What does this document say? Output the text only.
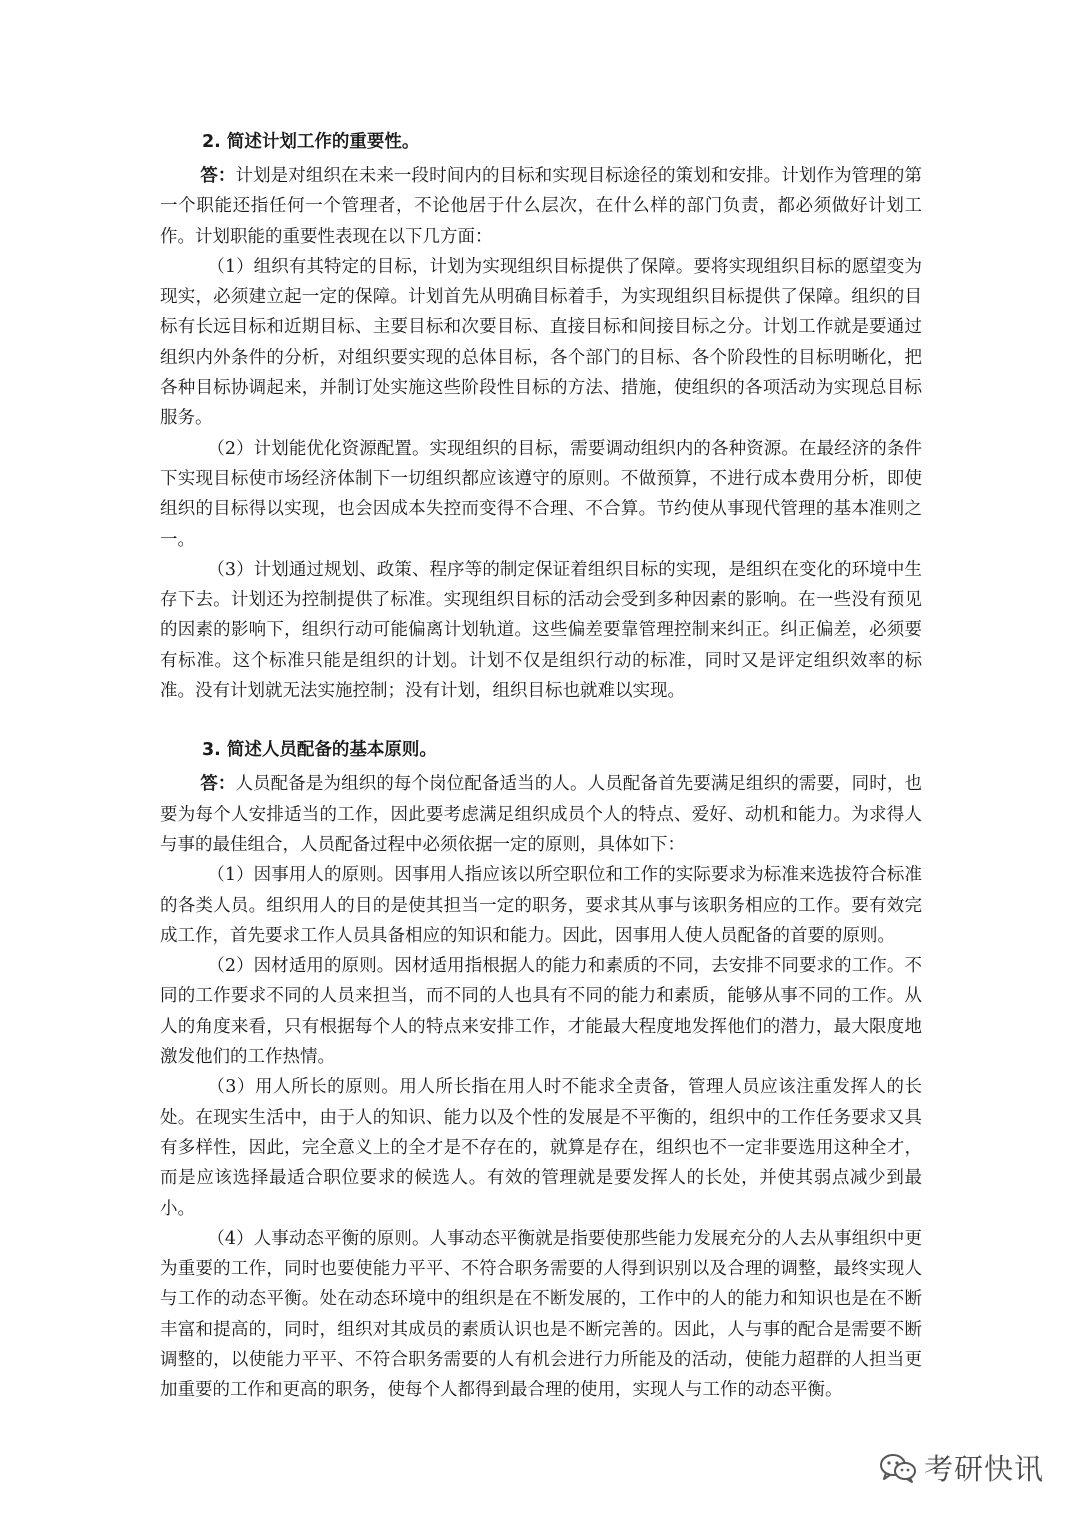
2. 简述计划工作的重要性。

答：计划是对组织在未来一段时间内的目标和实现目标途径的策划和安排。计划作为管理的第一个职能还指任何一个管理者，不论他居于什么层次，在什么样的部门负责，都必须做好计划工作。计划职能的重要性表现在以下几方面：

（1）组织有其特定的目标，计划为实现组织目标提供了保障。要将实现组织目标的愿望变为现实，必须建立起一定的保障。计划首先从明确目标着手，为实现组织目标提供了保障。组织的目标有长远目标和近期目标、主要目标和次要目标、直接目标和间接目标之分。计划工作就是要通过组织内外条件的分析，对组织要实现的总体目标，各个部门的目标、各个阶段性的目标明晰化，把各种目标协调起来，并制订处实施这些阶段性目标的方法、措施，使组织的各项活动为实现总目标服务。

（2）计划能优化资源配置。实现组织的目标，需要调动组织内的各种资源。在最经济的条件下实现目标使市场经济体制下一切组织都应该遵守的原则。不做预算，不进行成本费用分析，即使组织的目标得以实现，也会因成本失控而变得不合理、不合算。节约使从事现代管理的基本准则之一。

（3）计划通过规划、政策、程序等的制定保证着组织目标的实现，是组织在变化的环境中生存下去。计划还为控制提供了标准。实现组织目标的活动会受到多种因素的影响。在一些没有预见的因素的影响下，组织行动可能偏离计划轨道。这些偏差要靠管理控制来纠正。纠正偏差，必须要有标准。这个标准只能是组织的计划。计划不仅是组织行动的标准，同时又是评定组织效率的标准。没有计划就无法实施控制；没有计划，组织目标也就难以实现。

3. 简述人员配备的基本原则。

答：人员配备是为组织的每个岗位配备适当的人。人员配备首先要满足组织的需要，同时，也要为每个人安排适当的工作，因此要考虑满足组织成员个人的特点、爱好、动机和能力。为求得人与事的最佳组合，人员配备过程中必须依据一定的原则，具体如下：

（1）因事用人的原则。因事用人指应该以所空职位和工作的实际要求为标准来选拔符合标准的各类人员。组织用人的目的是使其担当一定的职务，要求其从事与该职务相应的工作。要有效完成工作，首先要求工作人员具备相应的知识和能力。因此，因事用人使人员配备的首要的原则。

（2）因材适用的原则。因材适用指根据人的能力和素质的不同，去安排不同要求的工作。不同的工作要求不同的人员来担当，而不同的人也具有不同的能力和素质，能够从事不同的工作。从人的角度来看，只有根据每个人的特点来安排工作，才能最大程度地发挥他们的潜力，最大限度地激发他们的工作热情。

（3）用人所长的原则。用人所长指在用人时不能求全责备，管理人员应该注重发挥人的长处。在现实生活中，由于人的知识、能力以及个性的发展是不平衡的，组织中的工作任务要求又具有多样性，因此，完全意义上的全才是不存在的，就算是存在，组织也不一定非要选用这种全才，而是应该选择最适合职位要求的候选人。有效的管理就是要发挥人的长处，并使其弱点减少到最小。

（4）人事动态平衡的原则。人事动态平衡就是指要使那些能力发展充分的人去从事组织中更为重要的工作，同时也要使能力平平、不符合职务需要的人得到识别以及合理的调整，最终实现人与工作的动态平衡。处在动态环境中的组织是在不断发展的，工作中的人的能力和知识也是在不断丰富和提高的，同时，组织对其成员的素质认识也是不断完善的。因此，人与事的配合是需要不断调整的，以使能力平平、不符合职务需要的人有机会进行力所能及的活动，使能力超群的人担当更加重要的工作和更高的职务，使每个人都得到最合理的使用，实现人与工作的动态平衡。

考研快讯
